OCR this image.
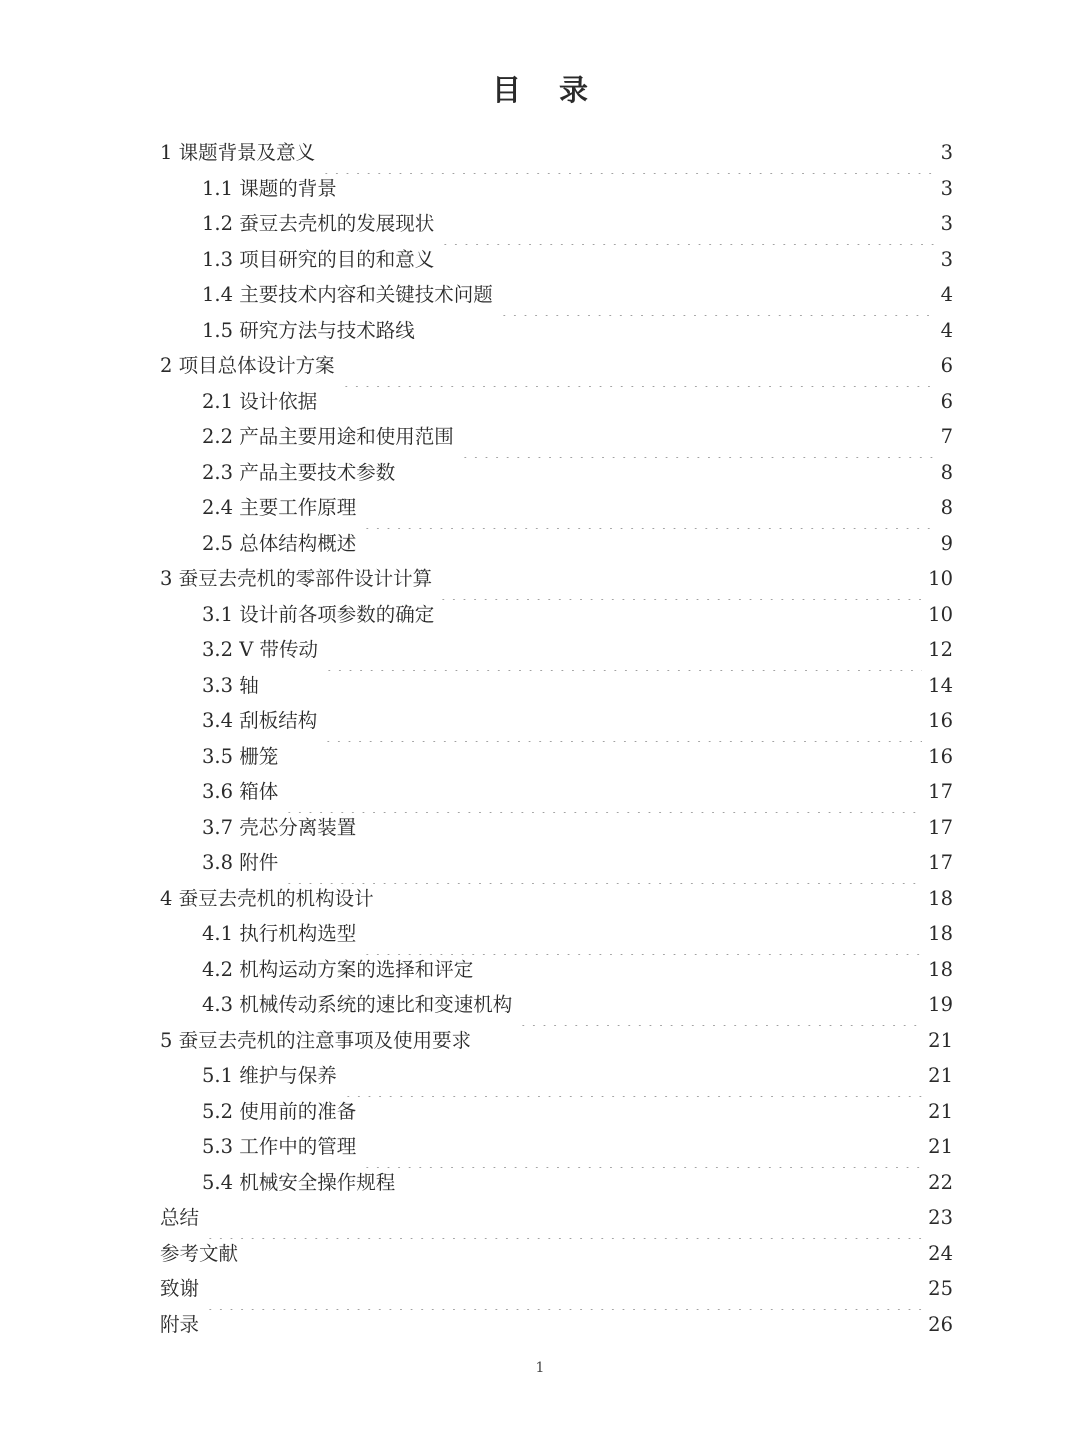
目 录
1 课题背景及意义	3
1.1 课题的背景	3
1.2 蚕豆去壳机的发展现状	3
1.3 项目研究的目的和意义	3
1.4 主要技术内容和关键技术问题	4
1.5 研究方法与技术路线	4
2 项目总体设计方案	6
2.1 设计依据	6
2.2 产品主要用途和使用范围	7
2.3 产品主要技术参数	8
2.4 主要工作原理	8
2.5 总体结构概述	9
3 蚕豆去壳机的零部件设计计算	10
3.1 设计前各项参数的确定	10
3.2 V 带传动	12
3.3 轴	14
3.4 刮板结构	16
3.5 栅笼	16
3.6 箱体	17
3.7 壳芯分离装置	17
3.8 附件	17
4 蚕豆去壳机的机构设计	18
4.1 执行机构选型	18
4.2 机构运动方案的选择和评定	18
4.3 机械传动系统的速比和变速机构	19
5 蚕豆去壳机的注意事项及使用要求	21
5.1 维护与保养	21
5.2 使用前的准备	21
5.3 工作中的管理	21
5.4 机械安全操作规程	22
总结	23
参考文献	24
致谢	25
附录	26
1
